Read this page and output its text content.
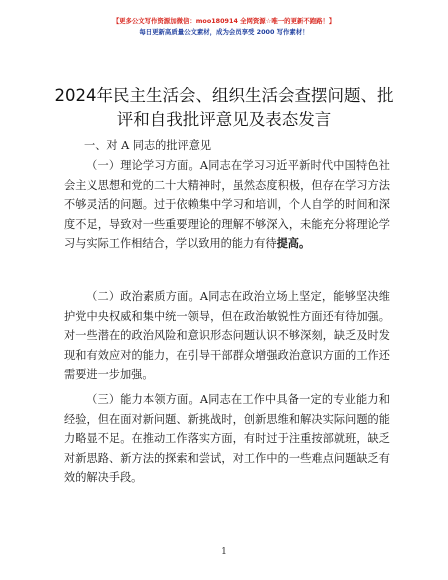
【更多公文写作资源加微信：moo180914 全网资源☆唯一的更新不跑路！】
每日更新高质量公文素材，成为会员享受 2000 写作素材！
2024年民主生活会、组织生活会查摆问题、批
评和自我批评意见及表态发言
一、对 A 同志的批评意见
（一）理论学习方面。A同志在学习习近平新时代中国特色社会主义思想和党的二十大精神时，虽然态度积极，但存在学习方法不够灵活的问题。过于依赖集中学习和培训，个人自学的时间和深度不足，导致对一些重要理论的理解不够深入，未能充分将理论学习与实际工作相结合，学以致用的能力有待提高。
（二）政治素质方面。A同志在政治立场上坚定，能够坚决维护党中央权威和集中统一领导，但在政治敏锐性方面还有待加强。对一些潜在的政治风险和意识形态问题认识不够深刻，缺乏及时发现和有效应对的能力，在引导干部群众增强政治意识方面的工作还需要进一步加强。
（三）能力本领方面。A同志在工作中具备一定的专业能力和经验，但在面对新问题、新挑战时，创新思维和解决实际问题的能力略显不足。在推动工作落实方面，有时过于注重按部就班，缺乏对新思路、新方法的探索和尝试，对工作中的一些难点问题缺乏有效的解决手段。
1
